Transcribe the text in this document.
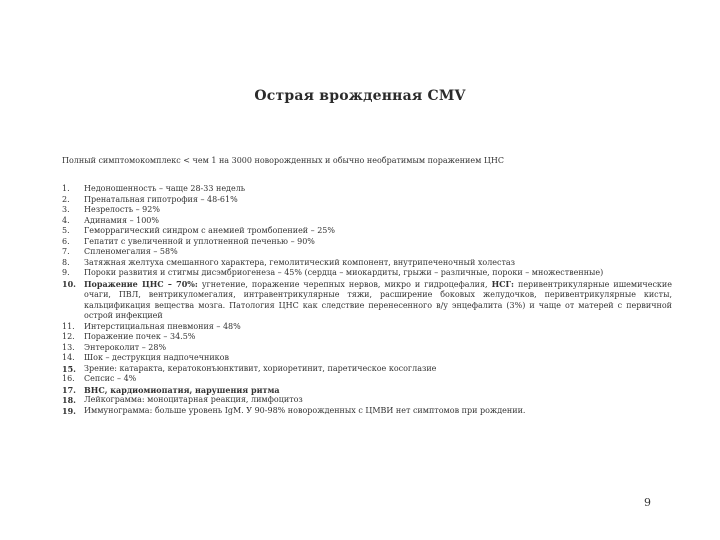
Острая врожденная CMV
Полный симптомокомплекс < чем 1 на 3000 новорожденных и обычно необратимым поражением ЦНС
1.	Недоношенность – чаще 28-33 недель
2.	Пренатальная гипотрофия – 48-61%
3.	Незрелость – 92%
4.	Адинамия – 100%
5.	Геморрагический синдром с анемией тромбопенией – 25%
6.	Гепатит с увеличенной и уплотненной печенью – 90%
7.	Спленомегалия – 58%
8.	Затяжная желтуха смешанного характера, гемолитический компонент, внутрипеченочный холестаз
9.	Пороки развития и стигмы дисэмбриогенеза – 45% (сердца – миокардиты, грыжи – различные, пороки – множественные)
10.	Поражение ЦНС – 70%: угнетение, поражение черепных нервов, микро и гидроцефалия, НСГ: перивентрикулярные ишемические очаги, ПВЛ, вентрикуломегалия, интравентрикулярные тяжи, расширение боковых желудочков, перивентрикулярные кисты, кальцификация вещества мозга. Патология ЦНС как следствие перенесенного в/у энцефалита (3%) и чаще от матерей с первичной острой инфекцией
11.	Интерстициальная пневмония – 48%
12.	Поражение почек – 34.5%
13.	Энтероколит – 28%
14.	Шок – деструкция надпочечников
15.	Зрение: катаракта, кератоконъюнктивит, хориоретинит, паретическое косоглазие
16.	Сепсис – 4%
17.	ВНС, кардиомиопатия, нарушения ритма
18.	Лейкограмма: моноцитарная реакция, лимфоцитоз
19.	Иммунограмма: больше уровень IgM. У 90-98% новорожденных с ЦМВИ нет симптомов при рождении.
9
